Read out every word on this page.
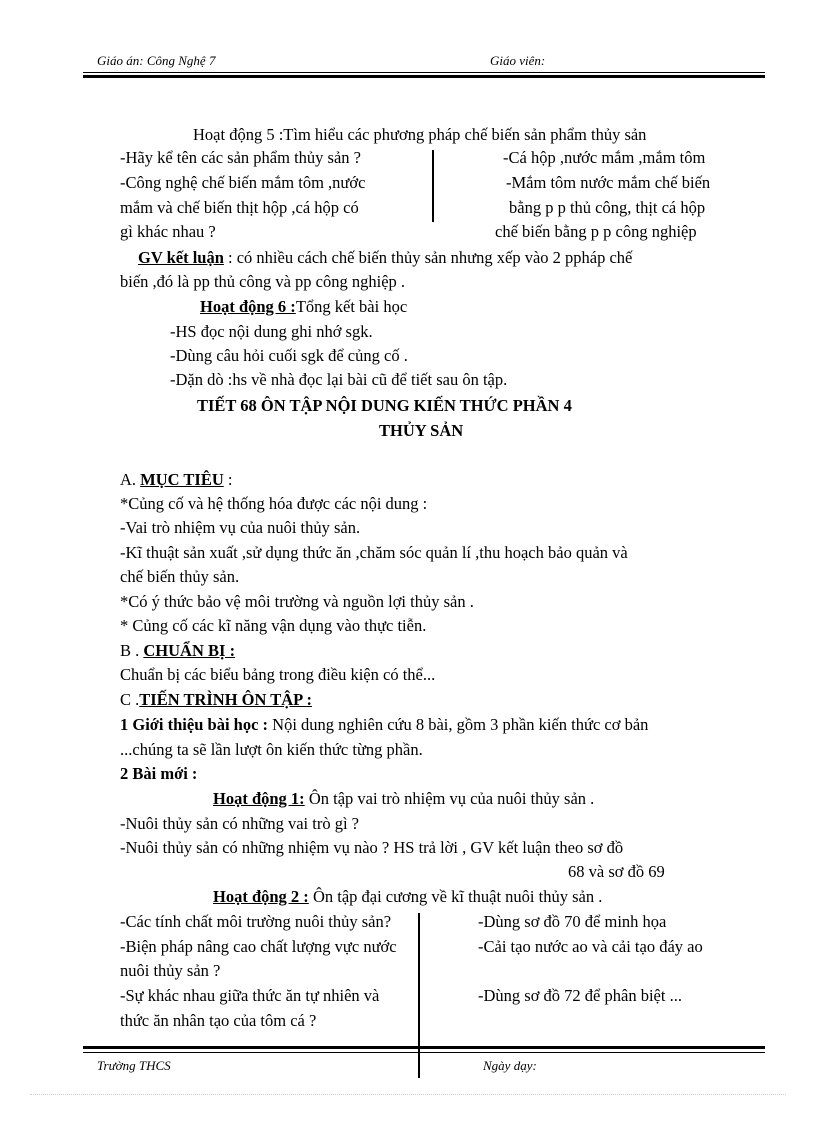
Giáo án: Công Nghệ 7	Giáo viên:
Hoạt động 5 :Tìm hiểu các phương pháp chế biến sản phẩm thủy sản
-Hãy kể tên các sản phẩm thủy sản ?	-Cá hộp ,nước mắm ,mắm tôm
-Công nghệ chế biến mắm tôm ,nước	-Mắm tôm nước mắm chế biến
mắm và chế biến thịt hộp ,cá hộp có	bằng p p thủ công, thịt cá hộp
gì khác nhau ?	chế biến bằng p p công nghiệp
GV kết luận : có nhiều cách chế biến thủy sản nhưng xếp vào 2 ppháp chế
biến ,đó là pp thủ công và pp công nghiệp .
Hoạt động 6 :Tổng kết bài học
-HS đọc nội dung ghi nhớ sgk.
-Dùng câu hỏi cuối sgk để củng cố .
-Dặn dò :hs về nhà đọc lại bài cũ để tiết sau ôn tập.
TIẾT 68 ÔN TẬP NỘI DUNG KIẾN THỨC PHẦN 4
THỦY SẢN
A. MỤC TIÊU :
*Củng cố và hệ thống hóa được các nội dung :
-Vai trò nhiệm vụ của nuôi thủy sản.
-Kĩ thuật sản xuất ,sử dụng thức ăn ,chăm sóc quản lí ,thu hoạch bảo quản và
chế biến thủy sản.
*Có ý thức bảo vệ môi trường và nguồn lợi thủy sản .
* Củng cố các kĩ năng vận dụng vào thực tiễn.
B . CHUẨN BỊ :
Chuẩn bị các biểu bảng trong điều kiện có thể...
C .TIẾN TRÌNH ÔN TẬP :
1 Giới thiệu bài học : Nội dung nghiên cứu 8 bài, gồm 3 phần kiến thức cơ bản
...chúng ta sẽ lần lượt ôn kiến thức từng phần.
2 Bài mới :
Hoạt động 1: Ôn tập vai trò nhiệm vụ của nuôi thủy sản .
-Nuôi thủy sản có những vai trò gì ?
-Nuôi thủy sản có những nhiệm vụ nào ? HS trả lời , GV kết luận theo sơ đồ
68 và sơ đồ 69
Hoạt động 2 : Ôn tập đại cương về kĩ thuật nuôi thủy sản .
-Các tính chất môi trường nuôi thủy sản?	-Dùng sơ đồ 70 để minh họa
-Biện pháp nâng cao chất lượng vực nước	-Cải tạo nước ao và cải tạo đáy ao
nuôi thủy sản ?
-Sự khác nhau giữa thức ăn tự nhiên và	-Dùng sơ đồ 72 để phân biệt ...
thức ăn nhân tạo của tôm cá ?
Trường THCS	Ngày dạy:
